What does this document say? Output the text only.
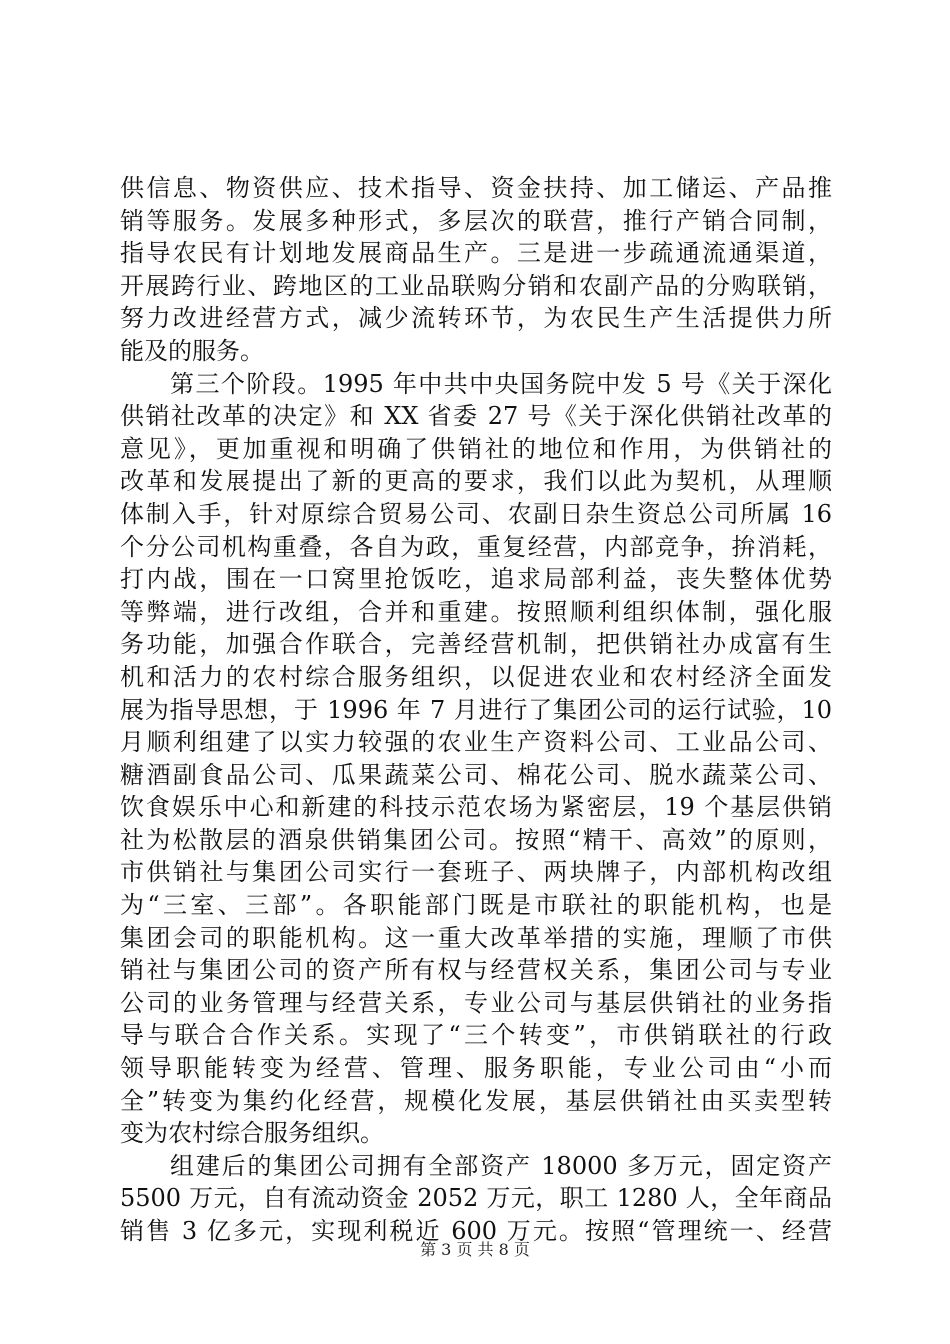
供信息、物资供应、技术指导、资金扶持、加工储运、产品推
销等服务。发展多种形式，多层次的联营，推行产销合同制，
指导农民有计划地发展商品生产。三是进一步疏通流通渠道，
开展跨行业、跨地区的工业品联购分销和农副产品的分购联销，
努力改进经营方式，减少流转环节，为农民生产生活提供力所
能及的服务。
第三个阶段。1995 年中共中央国务院中发 5 号《关于深化
供销社改革的决定》和 XX 省委 27 号《关于深化供销社改革的
意见》，更加重视和明确了供销社的地位和作用，为供销社的
改革和发展提出了新的更高的要求，我们以此为契机，从理顺
体制入手，针对原综合贸易公司、农副日杂生资总公司所属 16
个分公司机构重叠，各自为政，重复经营，内部竞争，拚消耗，
打内战，围在一口窝里抢饭吃，追求局部利益，丧失整体优势
等弊端，进行改组，合并和重建。按照顺利组织体制，强化服
务功能，加强合作联合，完善经营机制，把供销社办成富有生
机和活力的农村综合服务组织，以促进农业和农村经济全面发
展为指导思想，于 1996 年 7 月进行了集团公司的运行试验，10
月顺利组建了以实力较强的农业生产资料公司、工业品公司、
糖酒副食品公司、瓜果蔬菜公司、棉花公司、脱水蔬菜公司、
饮食娱乐中心和新建的科技示范农场为紧密层，19 个基层供销
社为松散层的酒泉供销集团公司。按照“精干、高效”的原则，
市供销社与集团公司实行一套班子、两块牌子，内部机构改组
为“三室、三部”。各职能部门既是市联社的职能机构，也是
集团会司的职能机构。这一重大改革举措的实施，理顺了市供
销社与集团公司的资产所有权与经营权关系，集团公司与专业
公司的业务管理与经营关系，专业公司与基层供销社的业务指
导与联合合作关系。实现了“三个转变”，市供销联社的行政
领导职能转变为经营、管理、服务职能，专业公司由“小而
全”转变为集约化经营，规模化发展，基层供销社由买卖型转
变为农村综合服务组织。
组建后的集团公司拥有全部资产 18000 多万元，固定资产
5500 万元，自有流动资金 2052 万元，职工 1280 人，全年商品
销售 3 亿多元，实现利税近 600 万元。按照“管理统一、经营
第 3 页 共 8 页
